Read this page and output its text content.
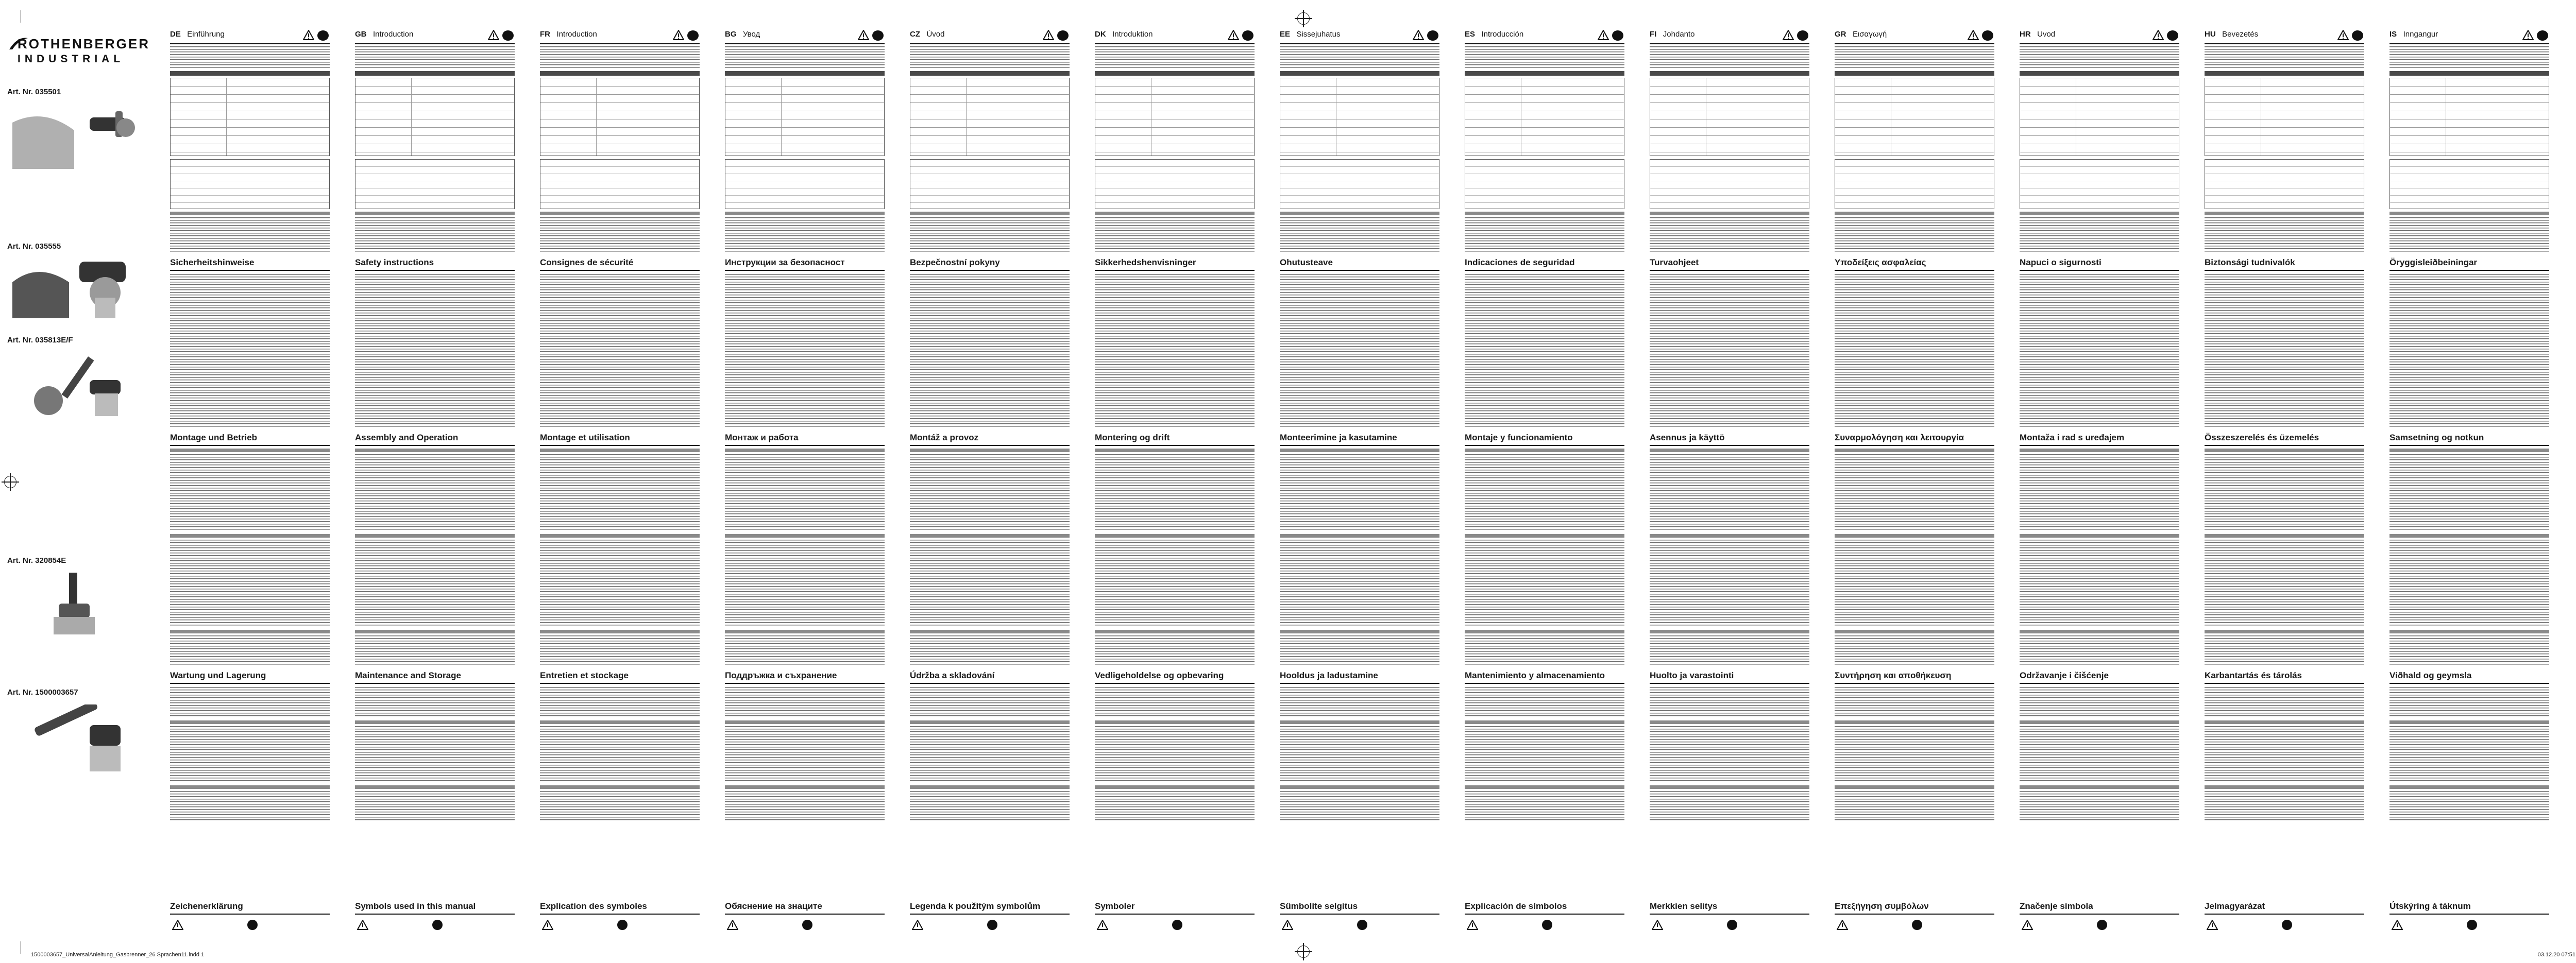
ROTHENBERGER
INDUSTRIAL
Art. Nr. 035501
Art. Nr. 035555
Art. Nr. 035813E/F
Art. Nr. 320854E
Art. Nr. 1500003657
DE Einführung
Sicherheitshinweise
Montage und Betrieb
Wartung und Lagerung
Zeichenerklärung
GB Introduction
Safety instructions
Assembly and Operation
Maintenance and Storage
Symbols used in this manual
FR Introduction
Consignes de sécurité
Montage et utilisation
Entretien et stockage
Explication des symboles
BG Увод
Инструкции за безопасност
Монтаж и работа
Поддръжка и съхранение
Обяснение на знаците
CZ Úvod
Bezpečnostní pokyny
Montáž a provoz
Údržba a skladování
Legenda k použitým symbolům
DK Introduktion
Sikkerhedshenvisninger
Montering og drift
Vedligeholdelse og opbevaring
Symboler
EE Sissejuhatus
Ohutusteave
Monteerimine ja kasutamine
Hooldus ja ladustamine
Sümbolite selgitus
ES Introducción
Indicaciones de seguridad
Montaje y funcionamiento
Mantenimiento y almacenamiento
Explicación de símbolos
FI Johdanto
Turvaohjeet
Asennus ja käyttö
Huolto ja varastointi
Merkkien selitys
GR Εισαγωγή
Υποδείξεις ασφαλείας
Συναρμολόγηση και λειτουργία
Συντήρηση και αποθήκευση
Επεξήγηση συμβόλων
HR Uvod
Napuci o sigurnosti
Montaža i rad s uređajem
Održavanje i čišćenje
Značenje simbola
HU Bevezetés
Biztonsági tudnivalók
Összeszerelés és üzemelés
Karbantartás és tárolás
Jelmagyarázat
IS Inngangur
Öryggisleiðbeiningar
Samsetning og notkun
Viðhald og geymsla
Útskýring á táknum
1500003657_UniversalAnleitung_Gasbrenner_26 Sprachen11.indd 1	03.12.20 07:51
